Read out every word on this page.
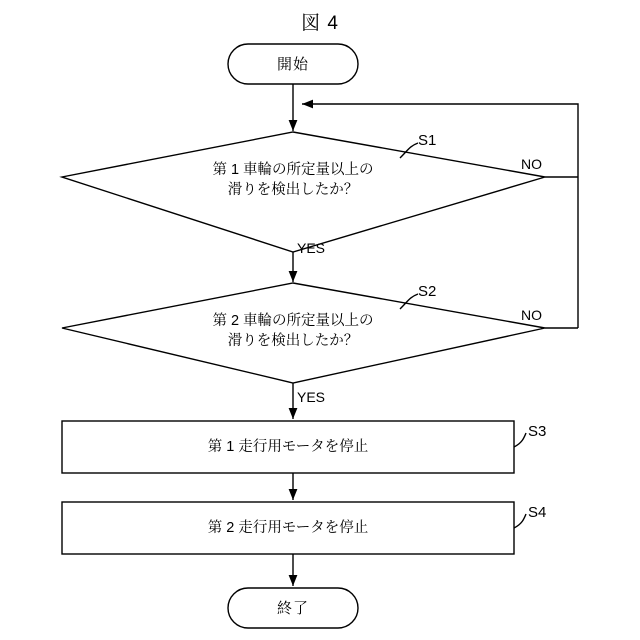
図 4
開始
第 1 車輪の所定量以上の
滑りを検出したか？
第 2 車輪の所定量以上の
滑りを検出したか？
第 1 走行用モータを停止
第 2 走行用モータを停止
終了
YES
NO
YES
NO
S1
S2
S3
S4
